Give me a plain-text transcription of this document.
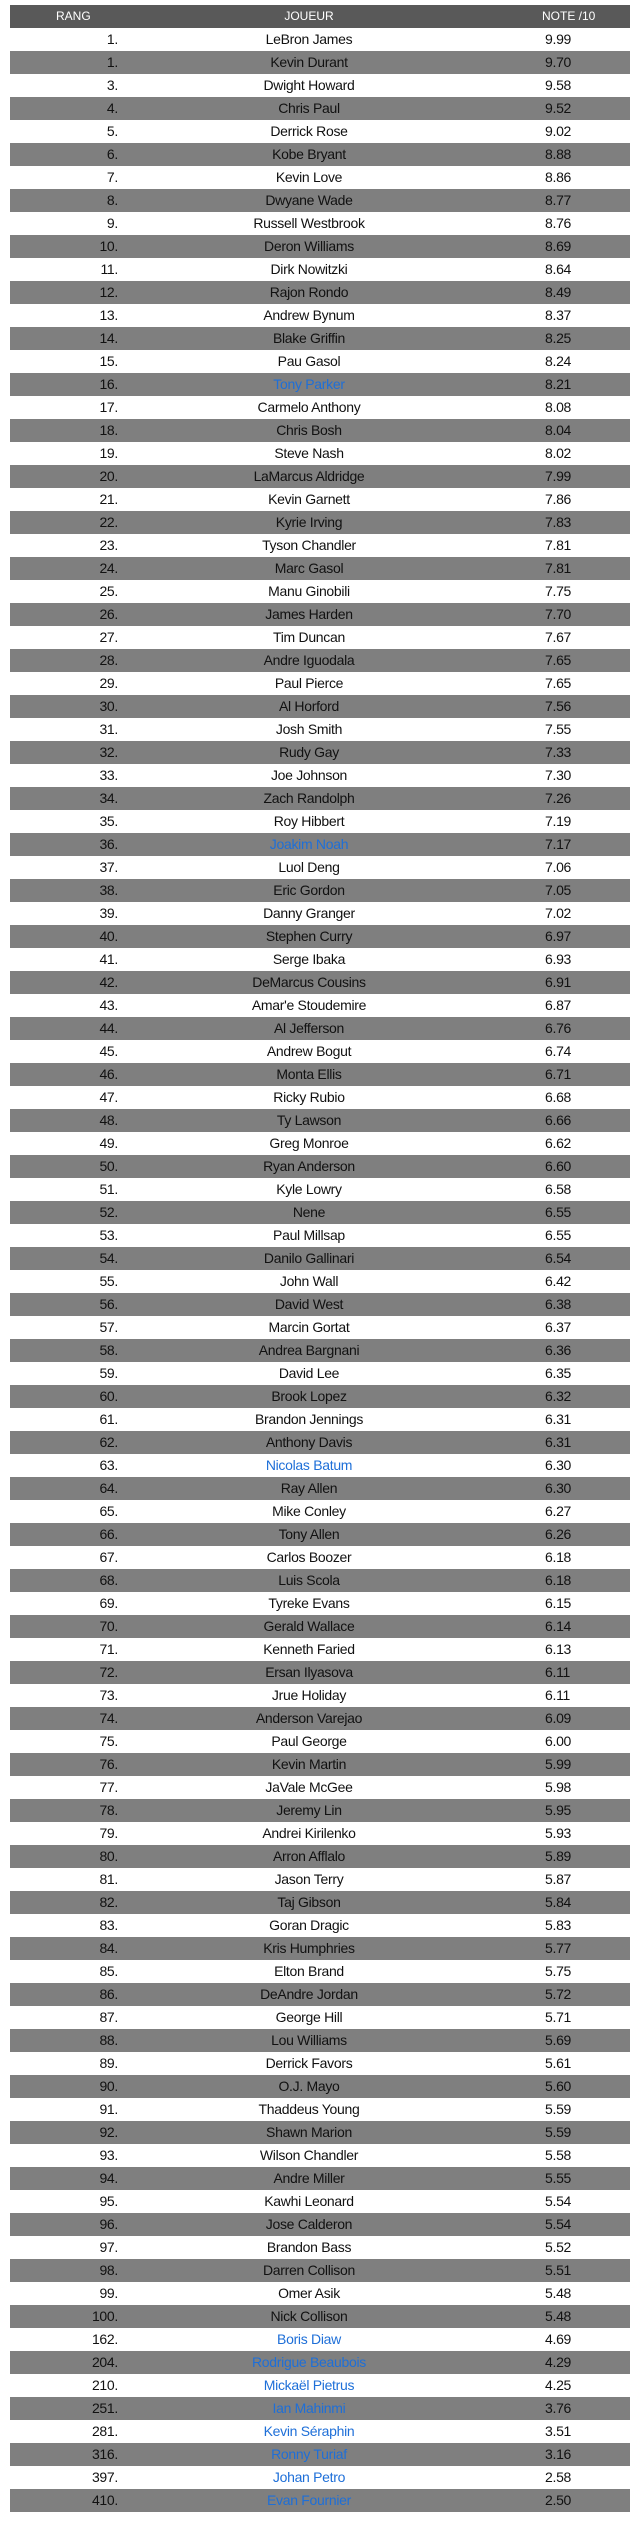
RANG	JOUEUR	NOTE /10
1.	LeBron James	9.99
1.	Kevin Durant	9.70
3.	Dwight Howard	9.58
4.	Chris Paul	9.52
5.	Derrick Rose	9.02
6.	Kobe Bryant	8.88
7.	Kevin Love	8.86
8.	Dwyane Wade	8.77
9.	Russell Westbrook	8.76
10.	Deron Williams	8.69
11.	Dirk Nowitzki	8.64
12.	Rajon Rondo	8.49
13.	Andrew Bynum	8.37
14.	Blake Griffin	8.25
15.	Pau Gasol	8.24
16.	Tony Parker	8.21
17.	Carmelo Anthony	8.08
18.	Chris Bosh	8.04
19.	Steve Nash	8.02
20.	LaMarcus Aldridge	7.99
21.	Kevin Garnett	7.86
22.	Kyrie Irving	7.83
23.	Tyson Chandler	7.81
24.	Marc Gasol	7.81
25.	Manu Ginobili	7.75
26.	James Harden	7.70
27.	Tim Duncan	7.67
28.	Andre Iguodala	7.65
29.	Paul Pierce	7.65
30.	Al Horford	7.56
31.	Josh Smith	7.55
32.	Rudy Gay	7.33
33.	Joe Johnson	7.30
34.	Zach Randolph	7.26
35.	Roy Hibbert	7.19
36.	Joakim Noah	7.17
37.	Luol Deng	7.06
38.	Eric Gordon	7.05
39.	Danny Granger	7.02
40.	Stephen Curry	6.97
41.	Serge Ibaka	6.93
42.	DeMarcus Cousins	6.91
43.	Amar'e Stoudemire	6.87
44.	Al Jefferson	6.76
45.	Andrew Bogut	6.74
46.	Monta Ellis	6.71
47.	Ricky Rubio	6.68
48.	Ty Lawson	6.66
49.	Greg Monroe	6.62
50.	Ryan Anderson	6.60
51.	Kyle Lowry	6.58
52.	Nene	6.55
53.	Paul Millsap	6.55
54.	Danilo Gallinari	6.54
55.	John Wall	6.42
56.	David West	6.38
57.	Marcin Gortat	6.37
58.	Andrea Bargnani	6.36
59.	David Lee	6.35
60.	Brook Lopez	6.32
61.	Brandon Jennings	6.31
62.	Anthony Davis	6.31
63.	Nicolas Batum	6.30
64.	Ray Allen	6.30
65.	Mike Conley	6.27
66.	Tony Allen	6.26
67.	Carlos Boozer	6.18
68.	Luis Scola	6.18
69.	Tyreke Evans	6.15
70.	Gerald Wallace	6.14
71.	Kenneth Faried	6.13
72.	Ersan Ilyasova	6.11
73.	Jrue Holiday	6.11
74.	Anderson Varejao	6.09
75.	Paul George	6.00
76.	Kevin Martin	5.99
77.	JaVale McGee	5.98
78.	Jeremy Lin	5.95
79.	Andrei Kirilenko	5.93
80.	Arron Afflalo	5.89
81.	Jason Terry	5.87
82.	Taj Gibson	5.84
83.	Goran Dragic	5.83
84.	Kris Humphries	5.77
85.	Elton Brand	5.75
86.	DeAndre Jordan	5.72
87.	George Hill	5.71
88.	Lou Williams	5.69
89.	Derrick Favors	5.61
90.	O.J. Mayo	5.60
91.	Thaddeus Young	5.59
92.	Shawn Marion	5.59
93.	Wilson Chandler	5.58
94.	Andre Miller	5.55
95.	Kawhi Leonard	5.54
96.	Jose Calderon	5.54
97.	Brandon Bass	5.52
98.	Darren Collison	5.51
99.	Omer Asik	5.48
100.	Nick Collison	5.48
162.	Boris Diaw	4.69
204.	Rodrigue Beaubois	4.29
210.	Mickaël Pietrus	4.25
251.	Ian Mahinmi	3.76
281.	Kevin Séraphin	3.51
316.	Ronny Turiaf	3.16
397.	Johan Petro	2.58
410.	Evan Fournier	2.50
